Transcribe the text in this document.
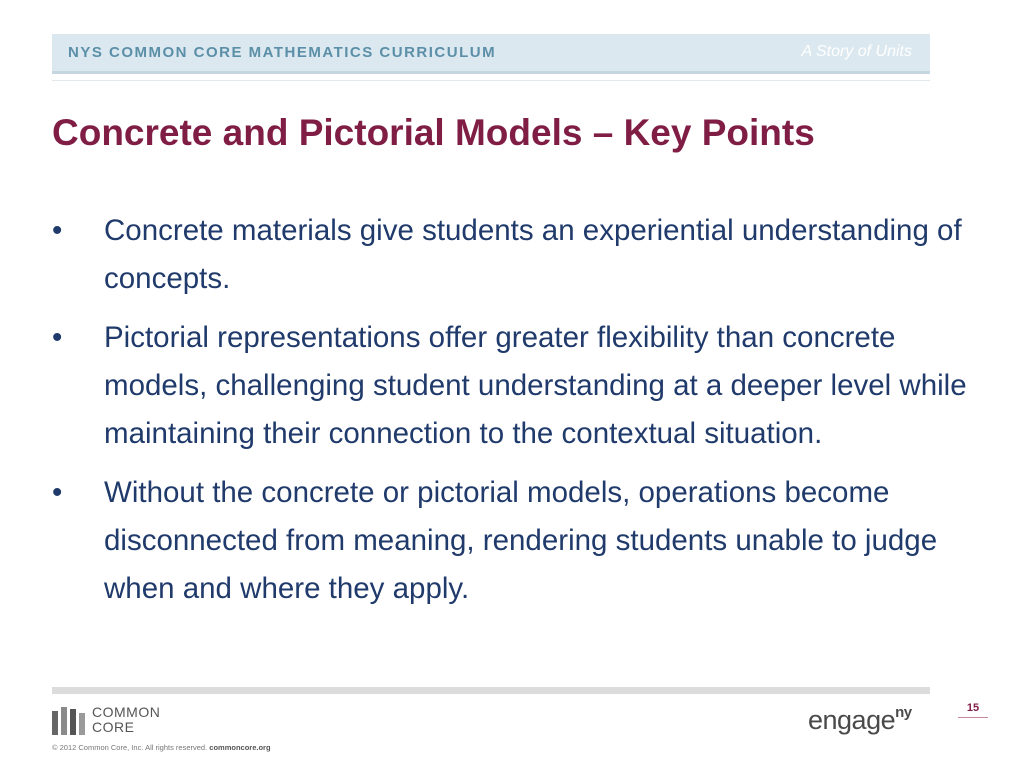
NYS COMMON CORE MATHEMATICS CURRICULUM	A Story of Units
Concrete and Pictorial Models – Key Points
• Concrete materials give students an experiential understanding of concepts.
• Pictorial representations offer greater flexibility than concrete models, challenging student understanding at a deeper level while maintaining their connection to the contextual situation.
• Without the concrete or pictorial models, operations become disconnected from meaning, rendering students unable to judge when and where they apply.
COMMON
CORE
© 2012 Common Core, Inc. All rights reserved. commoncore.org
engage$^{ny}$	15
